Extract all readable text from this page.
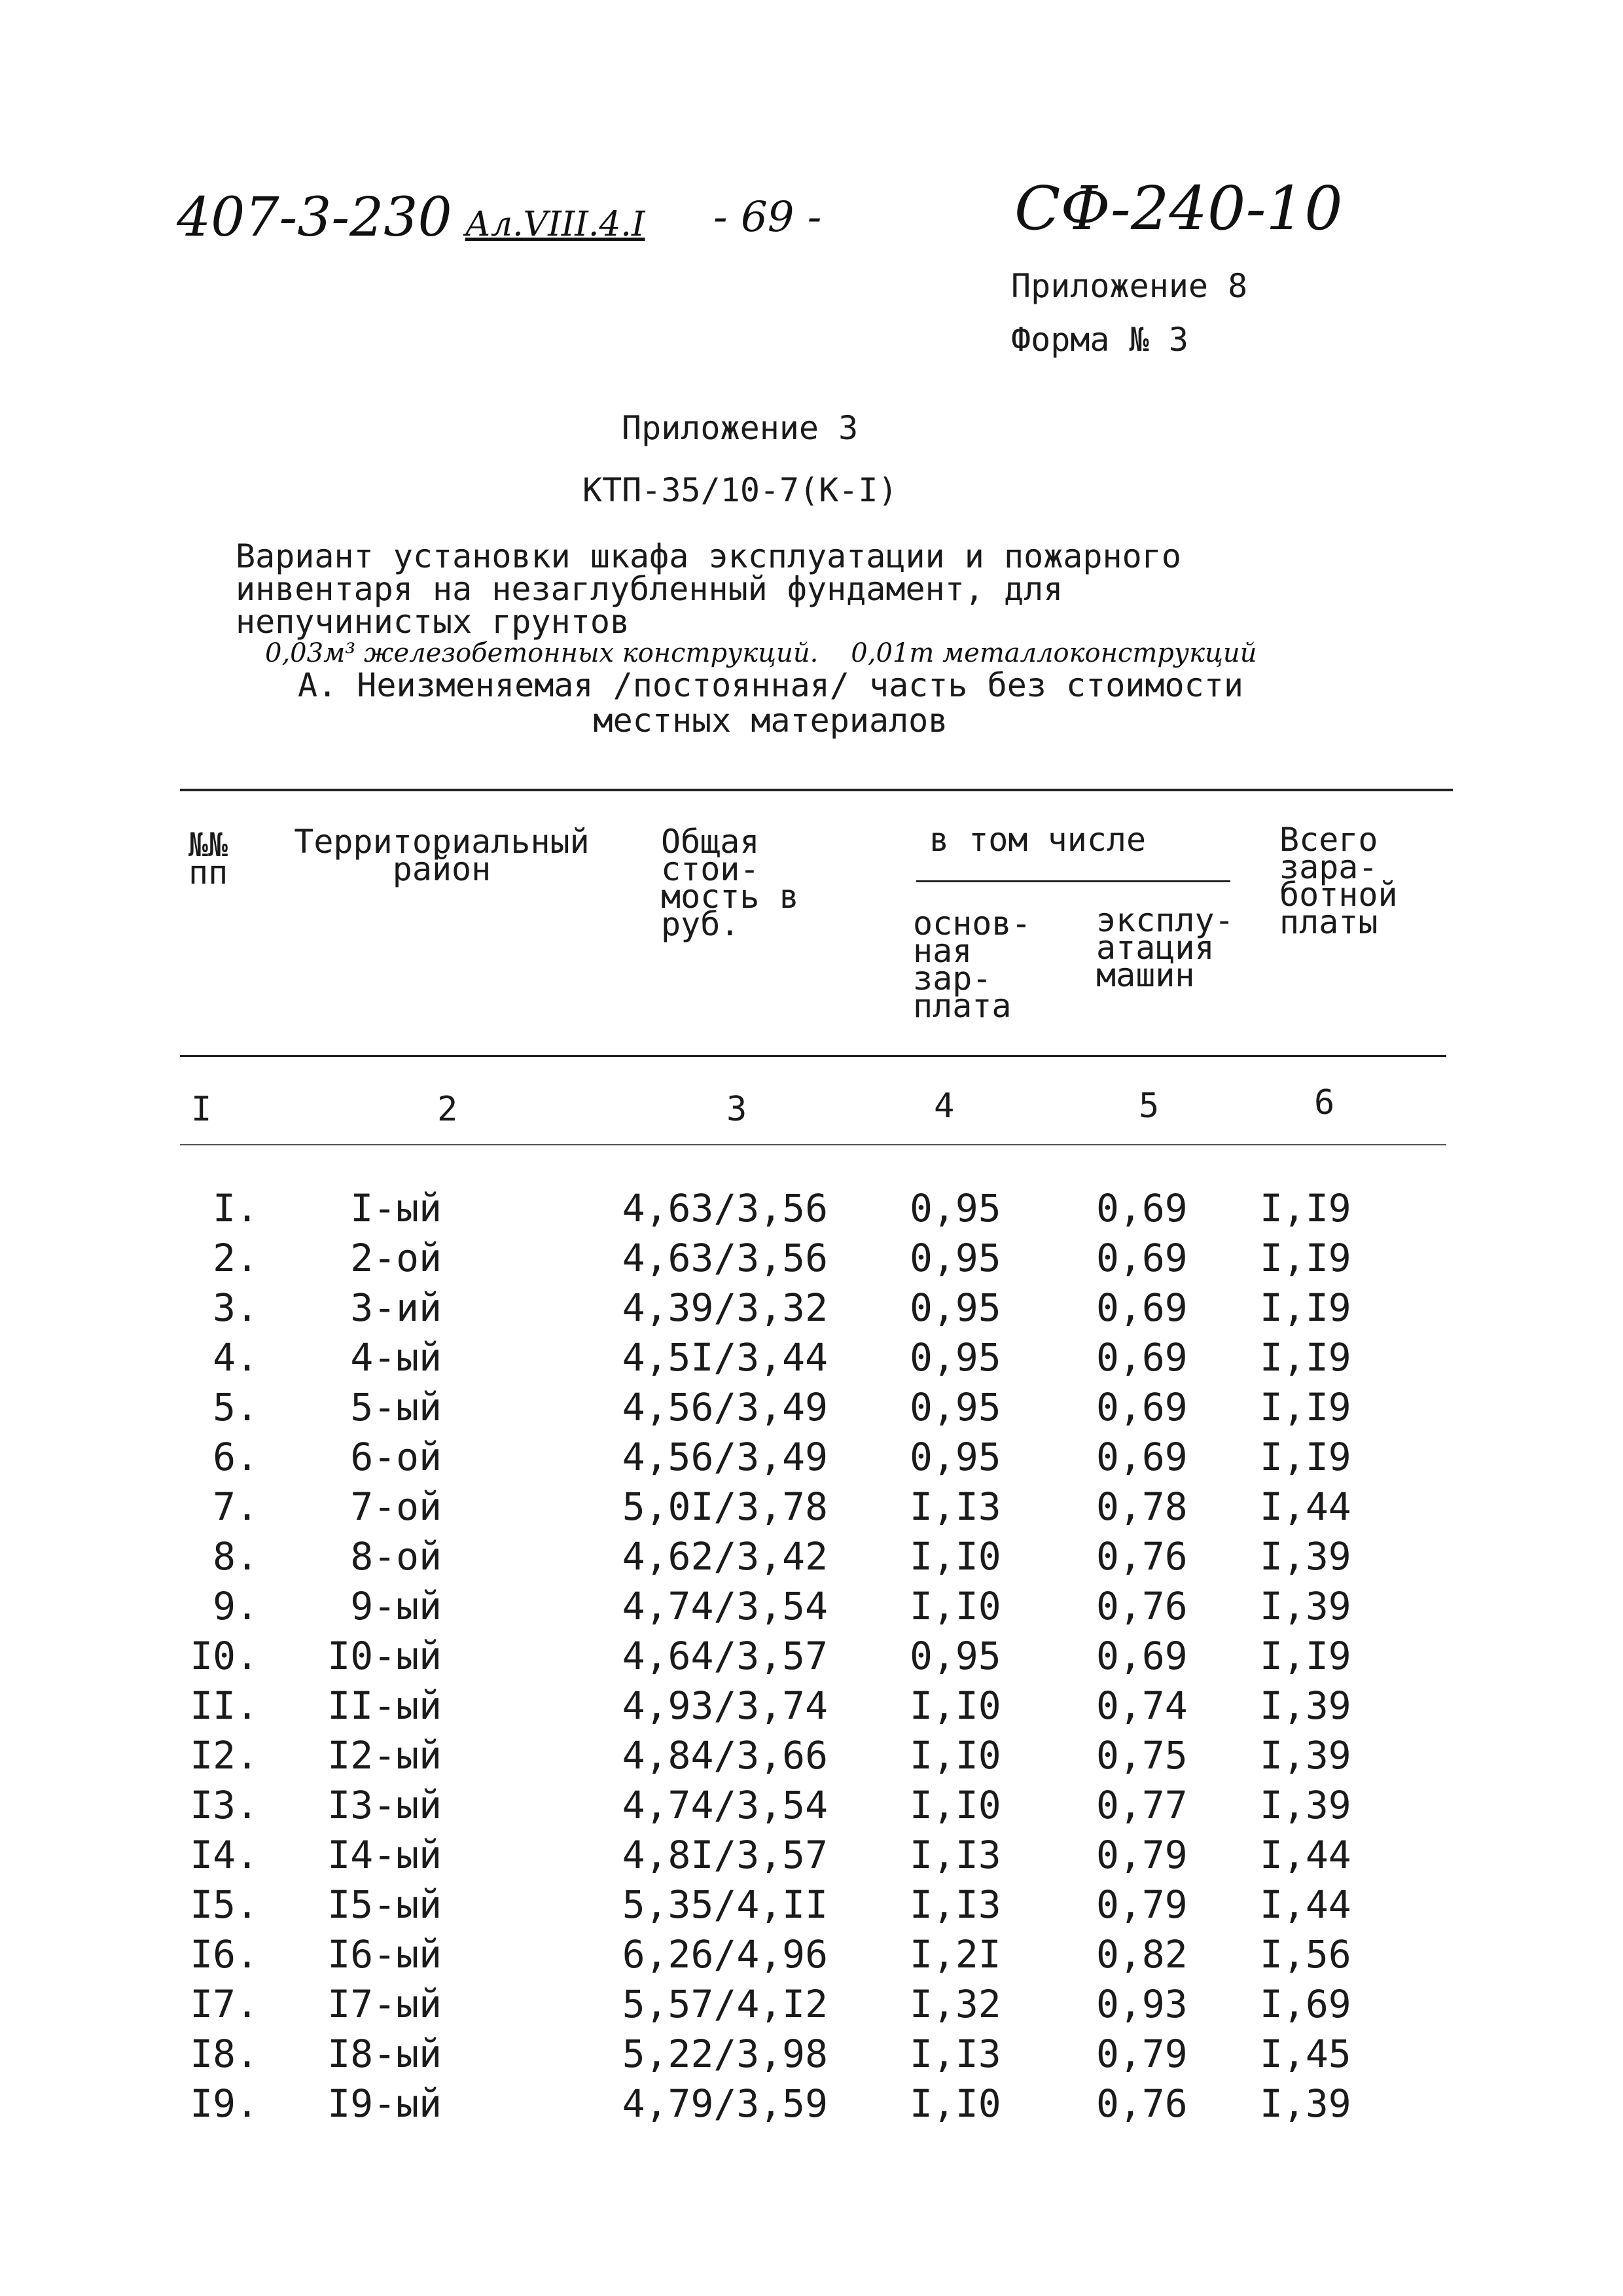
407-3-230 Ал.VIII.4.I - 69 -	СФ-240-10
Приложение 8
Форма № 3
Приложение 3
КТП-35/10-7(К-I)
Вариант установки шкафа эксплуатации и пожарного
инвентаря на незаглубленный фундамент, для
непучинистых грунтов
0,03м³ железобетонных конструкций. 0,01т металлоконструкций
А. Неизменяемая /постоянная/ часть без стоимости
местных материалов
№№ пп
Территориальный район
Общая стои- мость в руб.
в том числе
основ- ная зар- плата
эксплу- атация машин
Всего зара- ботной платы
I	2	3	4	5	6
I. I-ый	4,63/3,56 0,95	0,69 I,I9
2. 2-ой	4,63/3,56 0,95	0,69 I,I9
3. 3-ий	4,39/3,32 0,95	0,69 I,I9
4. 4-ый	4,5I/3,44 0,95	0,69 I,I9
5. 5-ый	4,56/3,49 0,95	0,69 I,I9
6. 6-ой	4,56/3,49 0,95	0,69 I,I9
7. 7-ой	5,0I/3,78 I,I3	0,78 I,44
8. 8-ой	4,62/3,42 I,I0	0,76 I,39
9. 9-ый	4,74/3,54 I,I0	0,76 I,39
I0. I0-ый	4,64/3,57 0,95	0,69 I,I9
II. II-ый	4,93/3,74 I,I0	0,74 I,39
I2. I2-ый	4,84/3,66 I,I0	0,75 I,39
I3. I3-ый	4,74/3,54 I,I0	0,77 I,39
I4. I4-ый	4,8I/3,57 I,I3	0,79 I,44
I5. I5-ый	5,35/4,II I,I3	0,79 I,44
I6. I6-ый	6,26/4,96 I,2I	0,82 I,56
I7. I7-ый	5,57/4,I2 I,32	0,93 I,69
I8. I8-ый	5,22/3,98 I,I3	0,79 I,45
I9. I9-ый	4,79/3,59 I,I0	0,76 I,39
